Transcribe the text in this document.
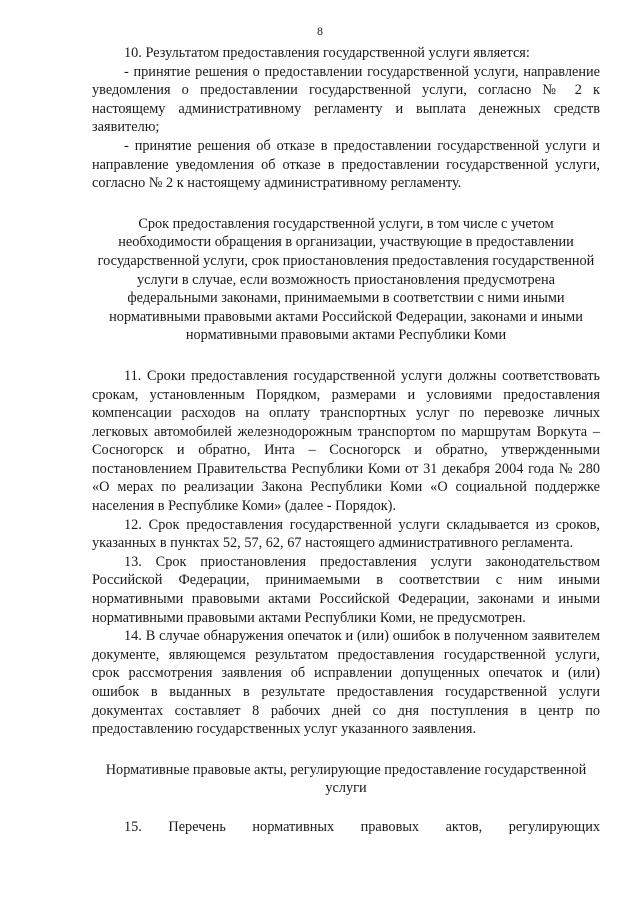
8

10. Результатом предоставления государственной услуги является:

- принятие решения о предоставлении государственной услуги, направление уведомления о предоставлении государственной услуги, согласно № 2 к настоящему административному регламенту и выплата денежных средств заявителю;

- принятие решения об отказе в предоставлении государственной услуги и направление уведомления об отказе в предоставлении государственной услуги, согласно № 2 к настоящему административному регламенту.

Срок предоставления государственной услуги, в том числе с учетом необходимости обращения в организации, участвующие в предоставлении государственной услуги, срок приостановления предоставления государственной услуги в случае, если возможность приостановления предусмотрена федеральными законами, принимаемыми в соответствии с ними иными нормативными правовыми актами Российской Федерации, законами и иными нормативными правовыми актами Республики Коми

11. Сроки предоставления государственной услуги должны соответствовать срокам, установленным Порядком, размерами и условиями предоставления компенсации расходов на оплату транспортных услуг по перевозке личных легковых автомобилей железнодорожным транспортом по маршрутам Воркута – Сосногорск и обратно, Инта – Сосногорск и обратно, утвержденными постановлением Правительства Республики Коми от 31 декабря 2004 года № 280 «О мерах по реализации Закона Республики Коми «О социальной поддержке населения в Республике Коми» (далее - Порядок).

12. Срок предоставления государственной услуги складывается из сроков, указанных в пунктах 52, 57, 62, 67 настоящего административного регламента.

13. Срок приостановления предоставления услуги законодательством Российской Федерации, принимаемыми в соответствии с ним иными нормативными правовыми актами Российской Федерации, законами и иными нормативными правовыми актами Республики Коми, не предусмотрен.

14. В случае обнаружения опечаток и (или) ошибок в полученном заявителем документе, являющемся результатом предоставления государственной услуги, срок рассмотрения заявления об исправлении допущенных опечаток и (или) ошибок в выданных в результате предоставления государственной услуги документах составляет 8 рабочих дней со дня поступления в центр по предоставлению государственных услуг указанного заявления.

Нормативные правовые акты, регулирующие предоставление государственной услуги

15. Перечень нормативных правовых актов, регулирующих
